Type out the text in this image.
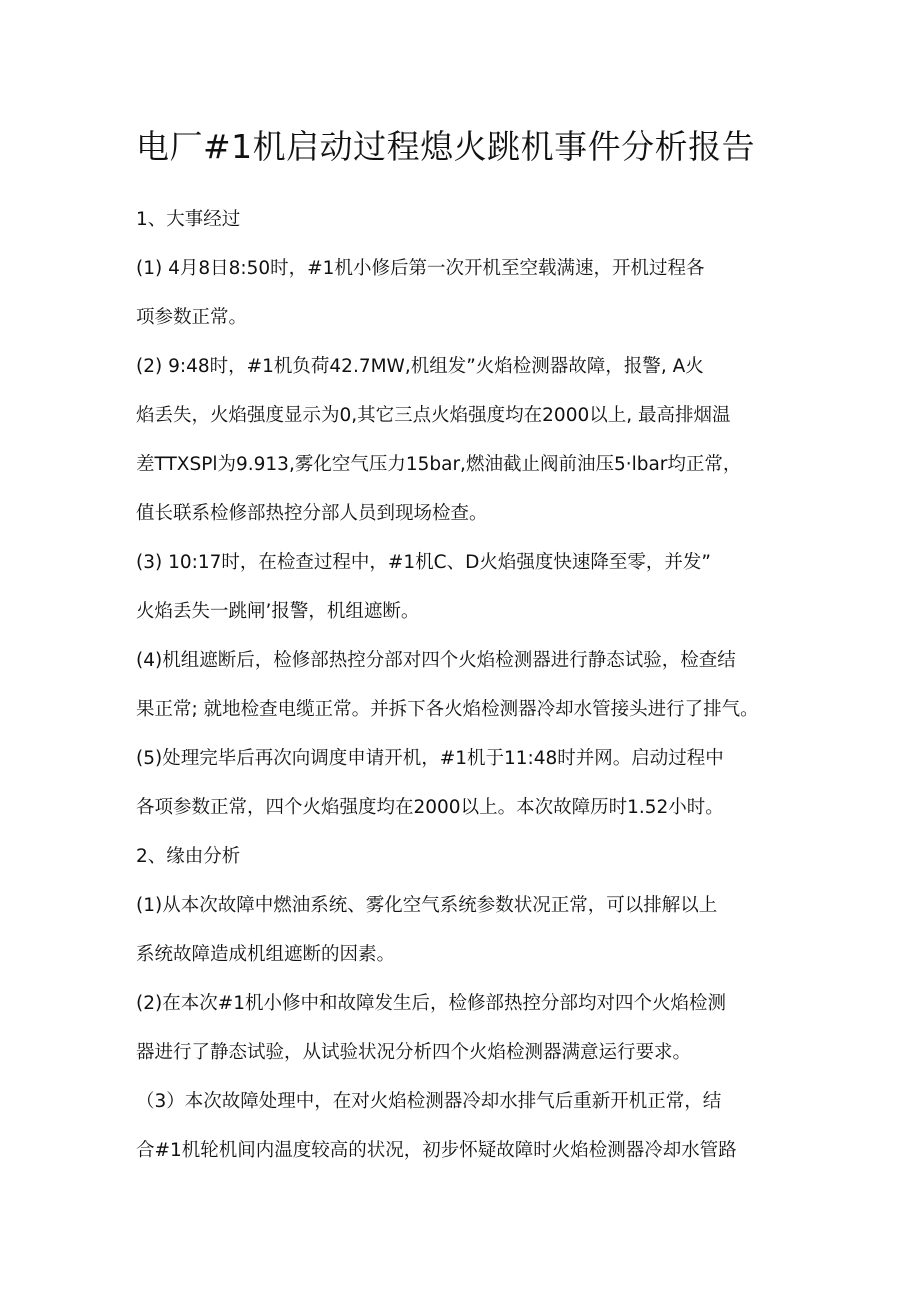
电厂#1机启动过程熄火跳机事件分析报告
1、大事经过
(1) 4月8日8:50时，#1机小修后第一次开机至空载满速，开机过程各
项参数正常。
(2) 9:48时，#1机负荷42.7MW,机组发”火焰检测器故障，报警, A火
焰丢失，火焰强度显示为0,其它三点火焰强度均在2000以上, 最高排烟温
差TTXSPl为9.913,雾化空气压力15bar,燃油截止阀前油压5·lbar均正常，
值长联系检修部热控分部人员到现场检查。
(3) 10:17时，在检查过程中，#1机C、D火焰强度快速降至零，并发”
火焰丢失一跳闸’报警，机组遮断。
(4)机组遮断后，检修部热控分部对四个火焰检测器进行静态试验，检查结
果正常; 就地检查电缆正常。并拆下各火焰检测器冷却水管接头进行了排气。
(5)处理完毕后再次向调度申请开机，#1机于11:48时并网。启动过程中
各项参数正常，四个火焰强度均在2000以上。本次故障历时1.52小时。
2、缘由分析
(1)从本次故障中燃油系统、雾化空气系统参数状况正常，可以排解以上
系统故障造成机组遮断的因素。
(2)在本次#1机小修中和故障发生后，检修部热控分部均对四个火焰检测
器进行了静态试验，从试验状况分析四个火焰检测器满意运行要求。
（3）本次故障处理中，在对火焰检测器冷却水排气后重新开机正常，结
合#1机轮机间内温度较高的状况，初步怀疑故障时火焰检测器冷却水管路
